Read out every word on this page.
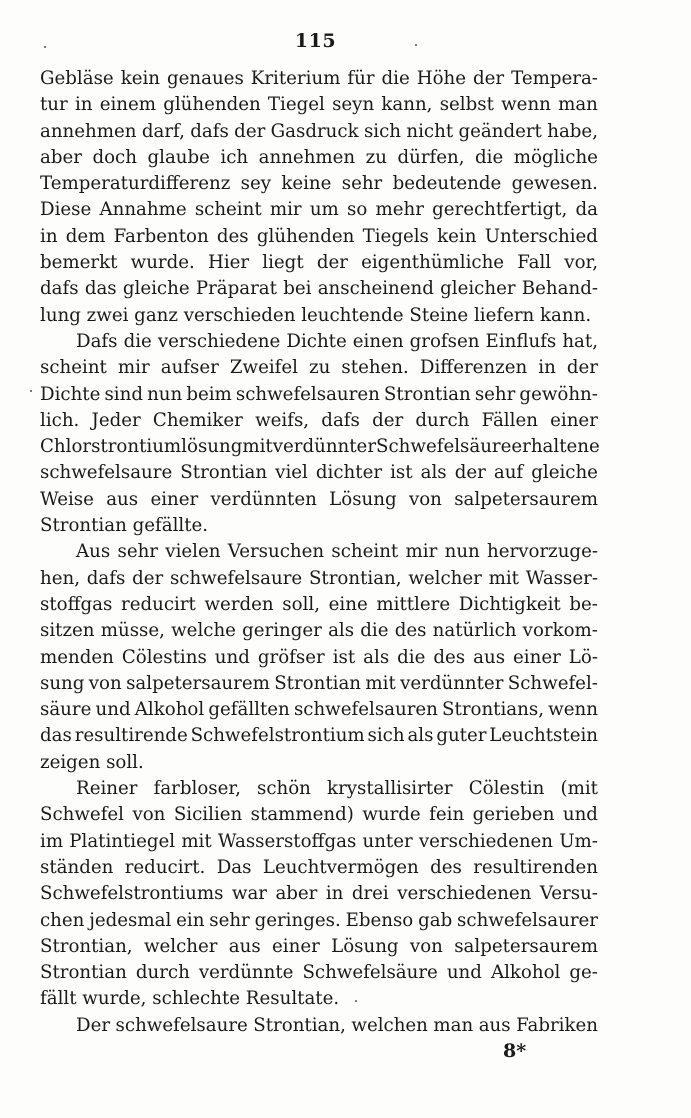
115
Gebläse kein genaues Kriterium für die Höhe der Tempera-
tur in einem glühenden Tiegel seyn kann, selbst wenn man
annehmen darf, dafs der Gasdruck sich nicht geändert habe,
aber doch glaube ich annehmen zu dürfen, die mögliche
Temperaturdifferenz sey keine sehr bedeutende gewesen.
Diese Annahme scheint mir um so mehr gerechtfertigt, da
in dem Farbenton des glühenden Tiegels kein Unterschied
bemerkt wurde. Hier liegt der eigenthümliche Fall vor,
dafs das gleiche Präparat bei anscheinend gleicher Behand-
lung zwei ganz verschieden leuchtende Steine liefern kann.
Dafs die verschiedene Dichte einen grofsen Einflufs hat,
scheint mir aufser Zweifel zu stehen. Differenzen in der
Dichte sind nun beim schwefelsauren Strontian sehr gewöhn-
lich. Jeder Chemiker weifs, dafs der durch Fällen einer
Chlorstrontiumlösung mit verdünnter Schwefelsäure erhaltene
schwefelsaure Strontian viel dichter ist als der auf gleiche
Weise aus einer verdünnten Lösung von salpetersaurem
Strontian gefällte.
Aus sehr vielen Versuchen scheint mir nun hervorzuge-
hen, dafs der schwefelsaure Strontian, welcher mit Wasser-
stoffgas reducirt werden soll, eine mittlere Dichtigkeit be-
sitzen müsse, welche geringer als die des natürlich vorkom-
menden Cölestins und gröfser ist als die des aus einer Lö-
sung von salpetersaurem Strontian mit verdünnter Schwefel-
säure und Alkohol gefällten schwefelsauren Strontians, wenn
das resultirende Schwefelstrontium sich als guter Leuchtstein
zeigen soll.
Reiner farbloser, schön krystallisirter Cölestin (mit
Schwefel von Sicilien stammend) wurde fein gerieben und
im Platintiegel mit Wasserstoffgas unter verschiedenen Um-
ständen reducirt. Das Leuchtvermögen des resultirenden
Schwefelstrontiums war aber in drei verschiedenen Versu-
chen jedesmal ein sehr geringes. Ebenso gab schwefelsaurer
Strontian, welcher aus einer Lösung von salpetersaurem
Strontian durch verdünnte Schwefelsäure und Alkohol ge-
fällt wurde, schlechte Resultate.
Der schwefelsaure Strontian, welchen man aus Fabriken
8*
